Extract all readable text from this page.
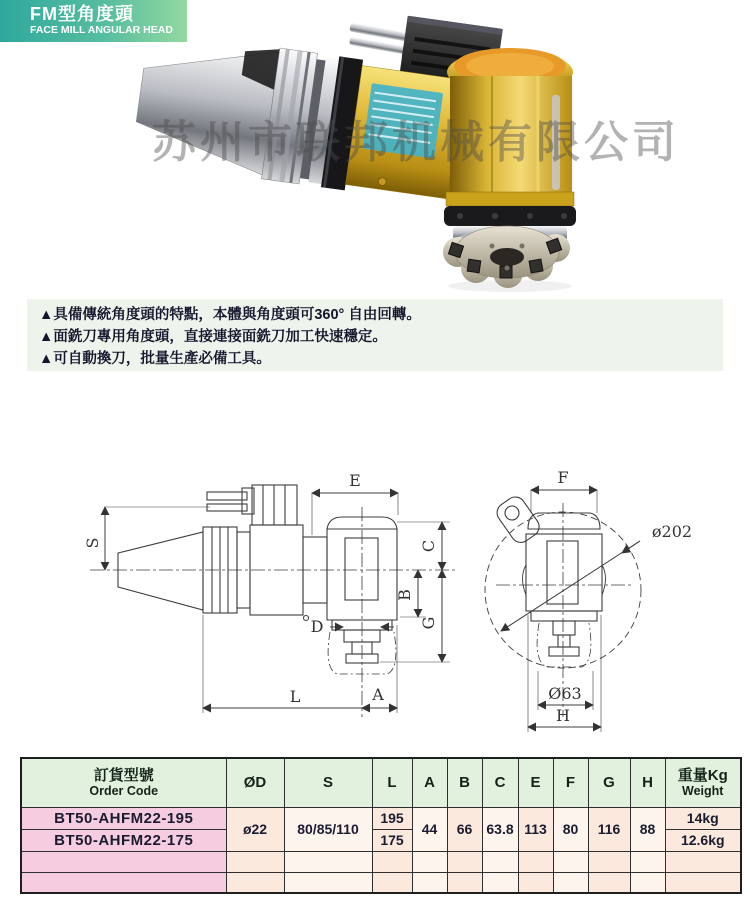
FM型角度頭
FACE MILL ANGULAR HEAD
苏州市联邦机械有限公司
▲具備傳統角度頭的特點，本體與角度頭可360° 自由回轉。
▲面銑刀專用角度頭，直接連接面銑刀加工快速穩定。
▲可自動換刀，批量生產必備工具。
S
E
C
B
G
D
L	A
F
ø202
Ø63
H
訂貨型號
Order Code	ØD	S	L	A	B	C	E	F	G	H	重量Kg
Weight

BT50-AHFM22-195	ø22	80/85/110	195	44	66	63.8	113	80	116	88	14kg
BT50-AHFM22-175			175								12.6kg
